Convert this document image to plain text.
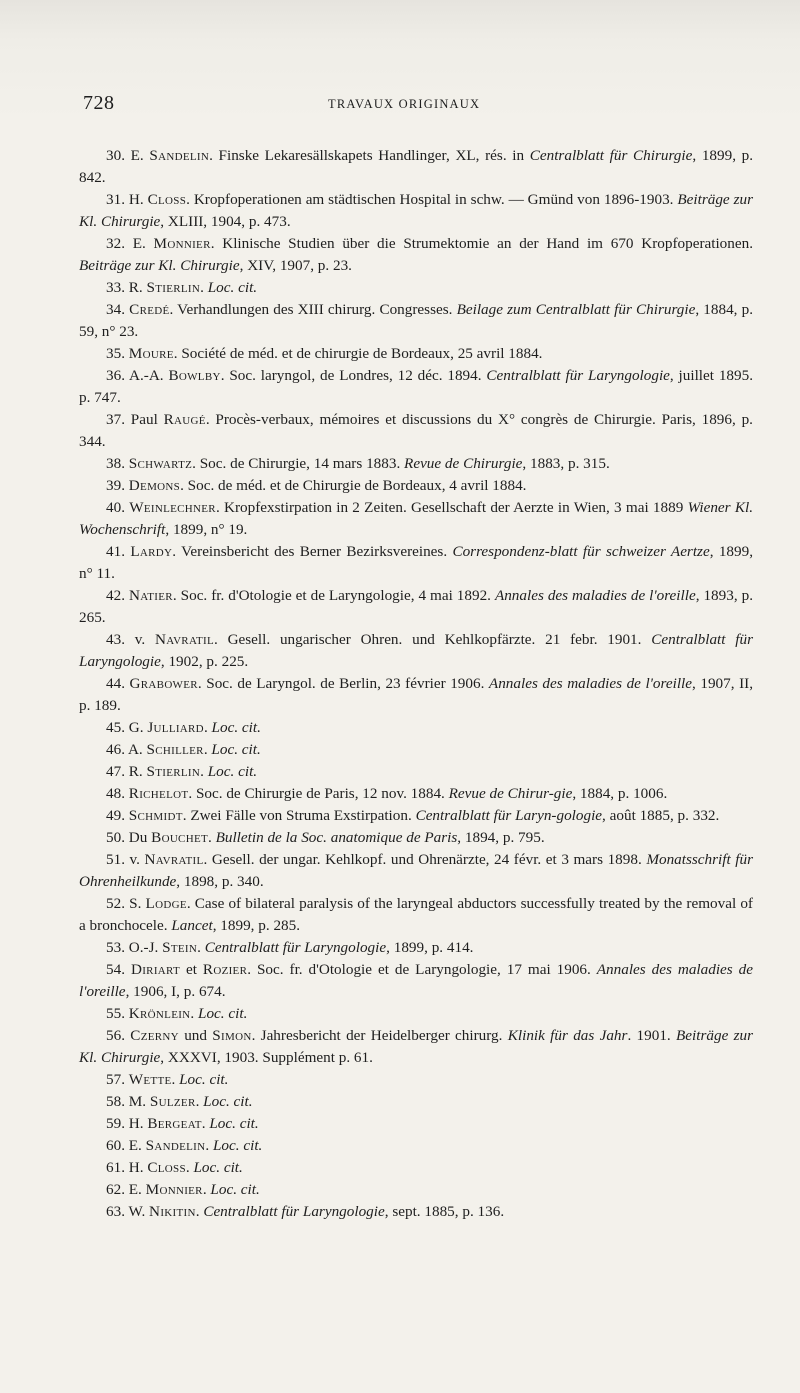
728	TRAVAUX ORIGINAUX

30. E. Sandelin. Finske Lekaresällskapets Handlinger, XL, rés. in Centralblatt für Chirurgie, 1899, p. 842.

31. H. Closs. Kropfoperationen am städtischen Hospital in schw. — Gmünd von 1896-1903. Beiträge zur Kl. Chirurgie, XLIII, 1904, p. 473.

32. E. Monnier. Klinische Studien über die Strumektomie an der Hand im 670 Kropfoperationen. Beiträge zur Kl. Chirurgie, XIV, 1907, p. 23.

33. R. Stierlin. Loc. cit.

34. Credé. Verhandlungen des XIII chirurg. Congresses. Beilage zum Centralblatt für Chirurgie, 1884, p. 59, n° 23.

35. Moure. Société de méd. et de chirurgie de Bordeaux, 25 avril 1884.

36. A.-A. Bowlby. Soc. laryngol, de Londres, 12 déc. 1894. Centralblatt für Laryngologie, juillet 1895. p. 747.

37. Paul Raugé. Procès-verbaux, mémoires et discussions du X° congrès de Chirurgie. Paris, 1896, p. 344.

38. Schwartz. Soc. de Chirurgie, 14 mars 1883. Revue de Chirurgie, 1883, p. 315.

39. Demons. Soc. de méd. et de Chirurgie de Bordeaux, 4 avril 1884.

40. Weinlechner. Kropfexstirpation in 2 Zeiten. Gesellschaft der Aerzte in Wien, 3 mai 1889 Wiener Kl. Wochenschrift, 1899, n° 19.

41. Lardy. Vereinsbericht des Berner Bezirksvereines. Correspondenz-blatt für schweizer Aertze, 1899, n° 11.

42. Natier. Soc. fr. d'Otologie et de Laryngologie, 4 mai 1892. Annales des maladies de l'oreille, 1893, p. 265.

43. v. Navratil. Gesell. ungarischer Ohren. und Kehlkopfärzte. 21 febr. 1901. Centralblatt für Laryngologie, 1902, p. 225.

44. Grabower. Soc. de Laryngol. de Berlin, 23 février 1906. Annales des maladies de l'oreille, 1907, II, p. 189.

45. G. Julliard. Loc. cit.

46. A. Schiller. Loc. cit.

47. R. Stierlin. Loc. cit.

48. Richelot. Soc. de Chirurgie de Paris, 12 nov. 1884. Revue de Chirur-gie, 1884, p. 1006.

49. Schmidt. Zwei Fälle von Struma Exstirpation. Centralblatt für Laryn-gologie, août 1885, p. 332.

50. Du Bouchet. Bulletin de la Soc. anatomique de Paris, 1894, p. 795.

51. v. Navratil. Gesell. der ungar. Kehlkopf. und Ohrenärzte, 24 févr. et 3 mars 1898. Monatsschrift für Ohrenheilkunde, 1898, p. 340.

52. S. Lodge. Case of bilateral paralysis of the laryngeal abductors successfully treated by the removal of a bronchocele. Lancet, 1899, p. 285.

53. O.-J. Stein. Centralblatt für Laryngologie, 1899, p. 414.

54. Diriart et Rozier. Soc. fr. d'Otologie et de Laryngologie, 17 mai 1906. Annales des maladies de l'oreille, 1906, I, p. 674.

55. Krönlein. Loc. cit.

56. Czerny und Simon. Jahresbericht der Heidelberger chirurg. Klinik für das Jahr. 1901. Beiträge zur Kl. Chirurgie, XXXVI, 1903. Supplément p. 61.

57. Wette. Loc. cit.

58. M. Sulzer. Loc. cit.

59. H. Bergeat. Loc. cit.

60. E. Sandelin. Loc. cit.

61. H. Closs. Loc. cit.

62. E. Monnier. Loc. cit.

63. W. Nikitin. Centralblatt für Laryngologie, sept. 1885, p. 136.
